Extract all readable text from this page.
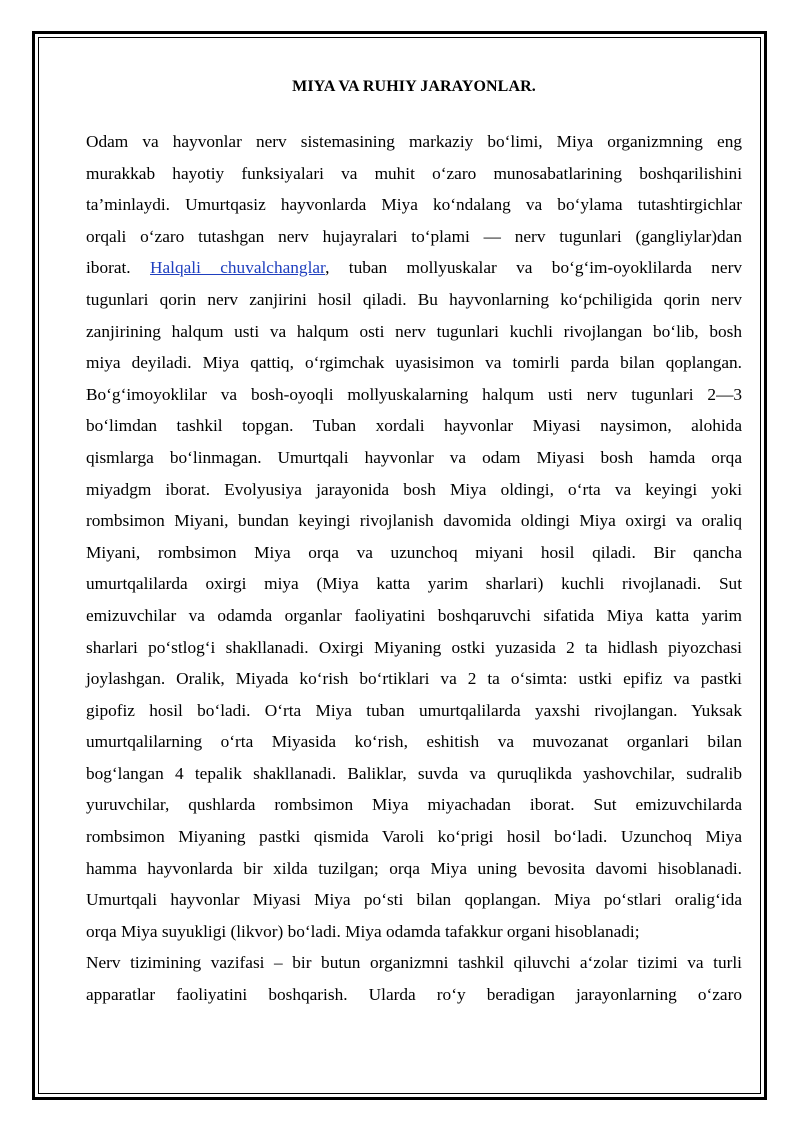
MIYA VA RUHIY JARAYONLAR.
Odam va hayvonlar nerv sistemasining markaziy bo‘limi, Miya organizmning eng
murakkab hayotiy funksiyalari va muhit o‘zaro munosabatlarining boshqarilishini
ta’minlaydi. Umurtqasiz hayvonlarda Miya ko‘ndalang va bo‘ylama tutashtirgichlar
orqali o‘zaro tutashgan nerv hujayralari to‘plami — nerv tugunlari (gangliylar)dan
iborat. Halqali chuvalchanglar, tuban mollyuskalar va bo‘g‘im-oyoklilarda nerv
tugunlari qorin nerv zanjirini hosil qiladi. Bu hayvonlarning ko‘pchiligida qorin nerv
zanjirining halqum usti va halqum osti nerv tugunlari kuchli rivojlangan bo‘lib, bosh
miya deyiladi. Miya qattiq, o‘rgimchak uyasisimon va tomirli parda bilan qoplangan.
Bo‘g‘imoyoklilar va bosh-oyoqli mollyuskalarning halqum usti nerv tugunlari 2—3
bo‘limdan tashkil topgan. Tuban xordali hayvonlar Miyasi naysimon, alohida
qismlarga bo‘linmagan. Umurtqali hayvonlar va odam Miyasi bosh hamda orqa
miyadgm iborat. Evolyusiya jarayonida bosh Miya oldingi, o‘rta va keyingi yoki
rombsimon Miyani, bundan keyingi rivojlanish davomida oldingi Miya oxirgi va oraliq
Miyani, rombsimon Miya orqa va uzunchoq miyani hosil qiladi. Bir qancha
umurtqalilarda oxirgi miya (Miya katta yarim sharlari) kuchli rivojlanadi. Sut
emizuvchilar va odamda organlar faoliyatini boshqaruvchi sifatida Miya katta yarim
sharlari po‘stlog‘i shakllanadi. Oxirgi Miyaning ostki yuzasida 2 ta hidlash piyozchasi
joylashgan. Oralik, Miyada ko‘rish bo‘rtiklari va 2 ta o‘simta: ustki epifiz va pastki
gipofiz hosil bo‘ladi. O‘rta Miya tuban umurtqalilarda yaxshi rivojlangan. Yuksak
umurtqalilarning o‘rta Miyasida ko‘rish, eshitish va muvozanat organlari bilan
bog‘langan 4 tepalik shakllanadi. Baliklar, suvda va quruqlikda yashovchilar, sudralib
yuruvchilar, qushlarda rombsimon Miya miyachadan iborat. Sut emizuvchilarda
rombsimon Miyaning pastki qismida Varoli ko‘prigi hosil bo‘ladi. Uzunchoq Miya
hamma hayvonlarda bir xilda tuzilgan; orqa Miya uning bevosita davomi hisoblanadi.
Umurtqali hayvonlar Miyasi Miya po‘sti bilan qoplangan. Miya po‘stlari oralig‘ida
orqa Miya suyukligi (likvor) bo‘ladi. Miya odamda tafakkur organi hisoblanadi;
Nerv tizimining vazifasi – bir butun organizmni tashkil qiluvchi a‘zolar tizimi va turli
apparatlar faoliyatini boshqarish. Ularda ro‘y beradigan jarayonlarning o‘zaro
